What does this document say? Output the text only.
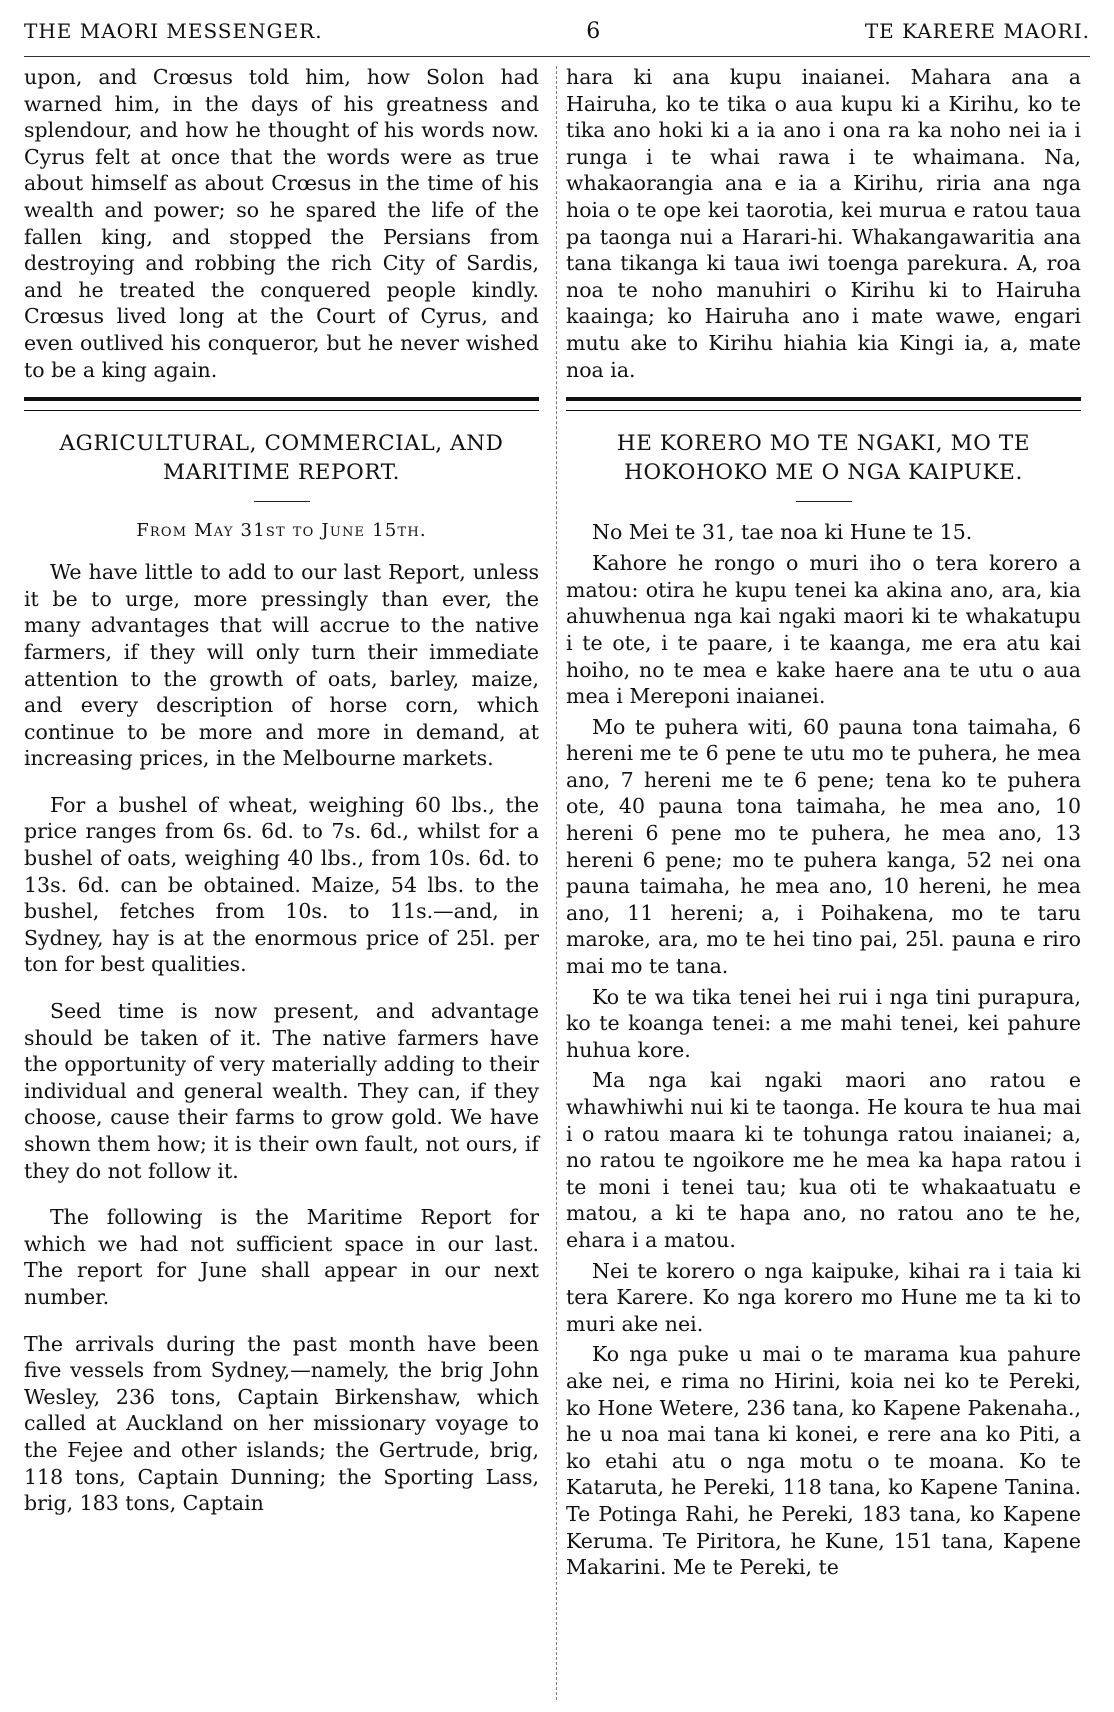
THE MAORI MESSENGER.	6	TE KARERE MAORI.

upon, and Crœsus told him, how Solon had warned him, in the days of his greatness and splendour, and how he thought of his words now. Cyrus felt at once that the words were as true about himself as about Crœsus in the time of his wealth and power; so he spared the life of the fallen king, and stopped the Persians from destroying and robbing the rich City of Sardis, and he treated the conquered people kindly. Crœsus lived long at the Court of Cyrus, and even outlived his conqueror, but he never wished to be a king again.

AGRICULTURAL, COMMERCIAL, AND MARITIME REPORT.
From May 31st to June 15th.

We have little to add to our last Report, unless it be to urge, more pressingly than ever, the many advantages that will accrue to the native farmers, if they will only turn their immediate attention to the growth of oats, barley, maize, and every description of horse corn, which continue to be more and more in demand, at increasing prices, in the Melbourne markets.

For a bushel of wheat, weighing 60 lbs., the price ranges from 6s. 6d. to 7s. 6d., whilst for a bushel of oats, weighing 40 lbs., from 10s. 6d. to 13s. 6d. can be obtained. Maize, 54 lbs. to the bushel, fetches from 10s. to 11s.—and, in Sydney, hay is at the enormous price of 25l. per ton for best qualities.

Seed time is now present, and advantage should be taken of it. The native farmers have the opportunity of very materially adding to their individual and general wealth. They can, if they choose, cause their farms to grow gold. We have shown them how; it is their own fault, not ours, if they do not follow it.

The following is the Maritime Report for which we had not sufficient space in our last. The report for June shall appear in our next number.

The arrivals during the past month have been five vessels from Sydney,—namely, the brig John Wesley, 236 tons, Captain Birkenshaw, which called at Auckland on her missionary voyage to the Fejee and other islands; the Gertrude, brig, 118 tons, Captain Dunning; the Sporting Lass, brig, 183 tons, Captain

hara ki ana kupu inaianei. Mahara ana a Hairuha, ko te tika o aua kupu ki a Kirihu, ko te tika ano hoki ki a ia ano i ona ra ka noho nei ia i runga i te whai rawa i te whaimana. Na, whakaorangia ana e ia a Kirihu, riria ana nga hoia o te ope kei taorotia, kei murua e ratou taua pa taonga nui a Harari-hi. Whakangawaritia ana tana tikanga ki taua iwi toenga parekura. A, roa noa te noho manuhiri o Kirihu ki to Hairuha kaainga; ko Hairuha ano i mate wawe, engari mutu ake to Kirihu hiahia kia Kingi ia, a, mate noa ia.

HE KORERO MO TE NGAKI, MO TE HOKOHOKO ME O NGA KAIPUKE.
No Mei te 31, tae noa ki Hune te 15.

Kahore he rongo o muri iho o tera korero a matou: otira he kupu tenei ka akina ano, ara, kia ahuwhenua nga kai ngaki maori ki te whakatupu i te ote, i te paare, i te kaanga, me era atu kai hoiho, no te mea e kake haere ana te utu o aua mea i Mereponi inaianei.

Mo te puhera witi, 60 pauna tona taimaha, 6 hereni me te 6 pene te utu mo te puhera, he mea ano, 7 hereni me te 6 pene; tena ko te puhera ote, 40 pauna tona taimaha, he mea ano, 10 hereni 6 pene mo te puhera, he mea ano, 13 hereni 6 pene; mo te puhera kanga, 52 nei ona pauna taimaha, he mea ano, 10 hereni, he mea ano, 11 hereni; a, i Poihakena, mo te taru maroke, ara, mo te hei tino pai, 25l. pauna e riro mai mo te tana.

Ko te wa tika tenei hei rui i nga tini purapura, ko te koanga tenei: a me mahi tenei, kei pahure huhua kore.

Ma nga kai ngaki maori ano ratou e whawhiwhi nui ki te taonga. He koura te hua mai i o ratou maara ki te tohunga ratou inaianei; a, no ratou te ngoikore me he mea ka hapa ratou i te moni i tenei tau; kua oti te whakaatuatu e matou, a ki te hapa ano, no ratou ano te he, ehara i a matou.

Nei te korero o nga kaipuke, kihai ra i taia ki tera Karere. Ko nga korero mo Hune me ta ki to muri ake nei.

Ko nga puke u mai o te marama kua pahure ake nei, e rima no Hirini, koia nei ko te Pereki, ko Hone Wetere, 236 tana, ko Kapene Pakenaha., he u noa mai tana ki konei, e rere ana ko Piti, a ko etahi atu o nga motu o te moana. Ko te Kataruta, he Pereki, 118 tana, ko Kapene Tanina. Te Potinga Rahi, he Pereki, 183 tana, ko Kapene Keruma. Te Piritora, he Kune, 151 tana, Kapene Makarini. Me te Pereki, te
